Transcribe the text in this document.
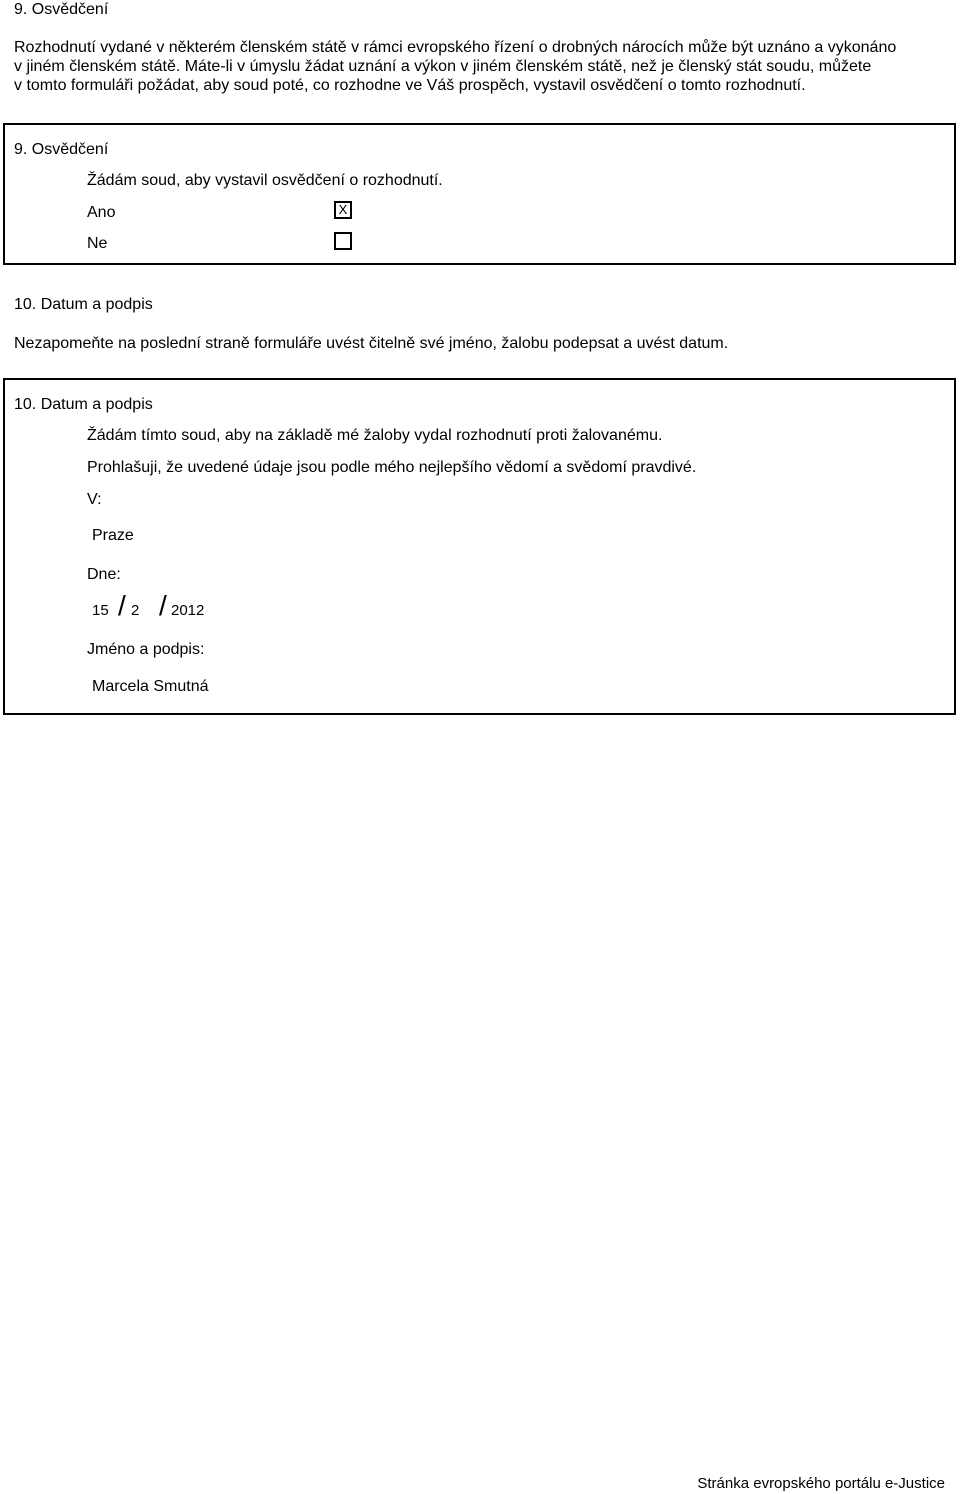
9. Osvědčení
Rozhodnutí vydané v některém členském státě v rámci evropského řízení o drobných nárocích může být uznáno a vykonáno
v jiném členském státě. Máte-li v úmyslu žádat uznání a výkon v jiném členském státě, než je členský stát soudu, můžete
v tomto formuláři požádat, aby soud poté, co rozhodne ve Váš prospěch, vystavil osvědčení o tomto rozhodnutí.
9. Osvědčení
Žádám soud, aby vystavil osvědčení o rozhodnutí.
Ano	X
Ne
10. Datum a podpis
Nezapomeňte na poslední straně formuláře uvést čitelně své jméno, žalobu podepsat a uvést datum.
10. Datum a podpis
Žádám tímto soud, aby na základě mé žaloby vydal rozhodnutí proti žalovanému.
Prohlašuji, že uvedené údaje jsou podle mého nejlepšího vědomí a svědomí pravdivé.
V:
Praze
Dne:
15 / 2 / 2012
Jméno a podpis:
Marcela Smutná
Stránka evropského portálu e-Justice
